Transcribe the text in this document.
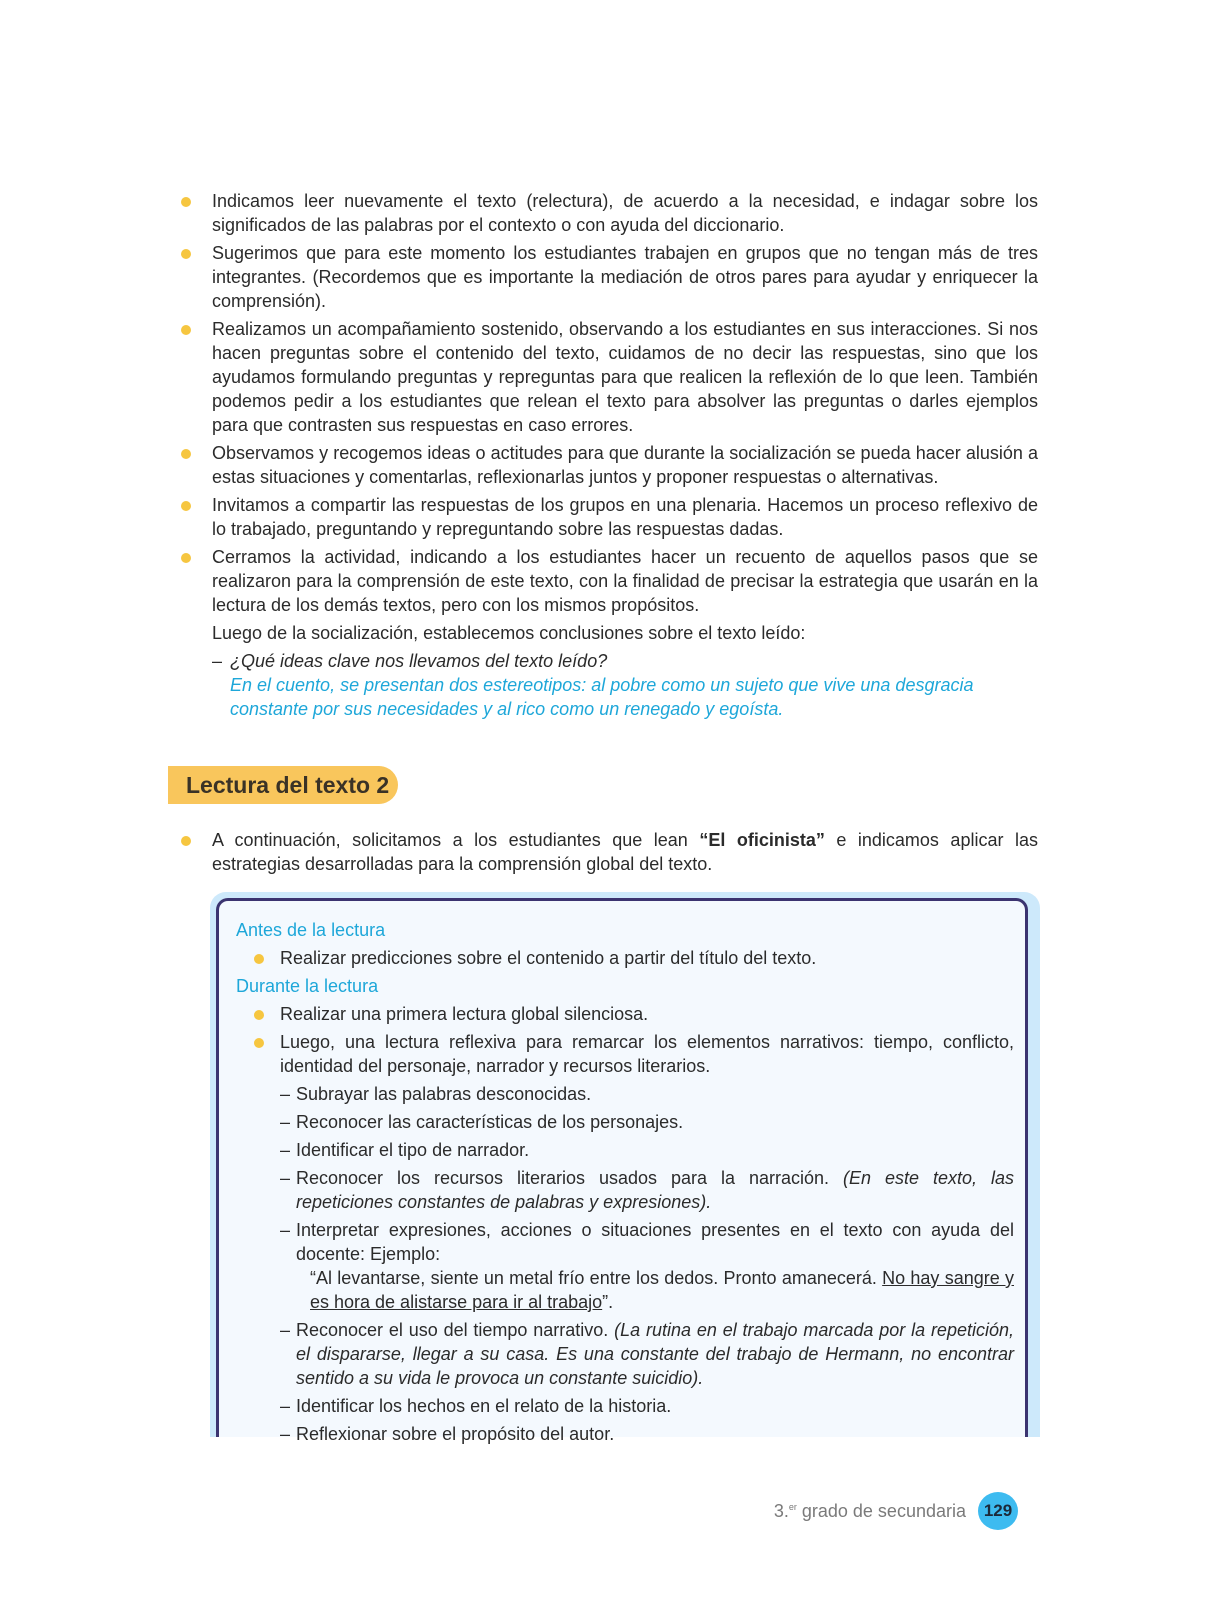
Indicamos leer nuevamente el texto (relectura), de acuerdo a la necesidad, e indagar sobre los significados de las palabras por el contexto o con ayuda del diccionario.
Sugerimos que para este momento los estudiantes trabajen en grupos que no tengan más de tres integrantes. (Recordemos que es importante la mediación de otros pares para ayudar y enriquecer la comprensión).
Realizamos un acompañamiento sostenido, observando a los estudiantes en sus interacciones. Si nos hacen preguntas sobre el contenido del texto, cuidamos de no decir las respuestas, sino que los ayudamos formulando preguntas y repreguntas para que realicen la reflexión de lo que leen. También podemos pedir a los estudiantes que relean el texto para absolver las preguntas o darles ejemplos para que contrasten sus respuestas en caso errores.
Observamos y recogemos ideas o actitudes para que durante la socialización se pueda hacer alusión a estas situaciones y comentarlas, reflexionarlas juntos y proponer respuestas o alternativas.
Invitamos a compartir las respuestas de los grupos en una plenaria. Hacemos un proceso reflexivo de lo trabajado, preguntando y repreguntando sobre las respuestas dadas.
Cerramos la actividad, indicando a los estudiantes hacer un recuento de aquellos pasos que se realizaron para la comprensión de este texto, con la finalidad de precisar la estrategia que usarán en la lectura de los demás textos, pero con los mismos propósitos.
Luego de la socialización, establecemos conclusiones sobre el texto leído:
– ¿Qué ideas clave nos llevamos del texto leído?
En el cuento, se presentan dos estereotipos: al pobre como un sujeto que vive una desgracia constante por sus necesidades y al rico como un renegado y egoísta.
Lectura del texto 2
A continuación, solicitamos a los estudiantes que lean “El oficinista” e indicamos aplicar las estrategias desarrolladas para la comprensión global del texto.
Antes de la lectura
Realizar predicciones sobre el contenido a partir del título del texto.
Durante la lectura
Realizar una primera lectura global silenciosa.
Luego, una lectura reflexiva para remarcar los elementos narrativos: tiempo, conflicto, identidad del personaje, narrador y recursos literarios.
– Subrayar las palabras desconocidas.
– Reconocer las características de los personajes.
– Identificar el tipo de narrador.
– Reconocer los recursos literarios usados para la narración. (En este texto, las repeticiones constantes de palabras y expresiones).
– Interpretar expresiones, acciones o situaciones presentes en el texto con ayuda del docente: Ejemplo:
“Al levantarse, siente un metal frío entre los dedos. Pronto amanecerá. No hay sangre y es hora de alistarse para ir al trabajo”.
– Reconocer el uso del tiempo narrativo. (La rutina en el trabajo marcada por la repetición, el dispararse, llegar a su casa. Es una constante del trabajo de Hermann, no encontrar sentido a su vida le provoca un constante suicidio).
– Identificar los hechos en el relato de la historia.
– Reflexionar sobre el propósito del autor.
3.$^{er}$ grado de secundaria	129
